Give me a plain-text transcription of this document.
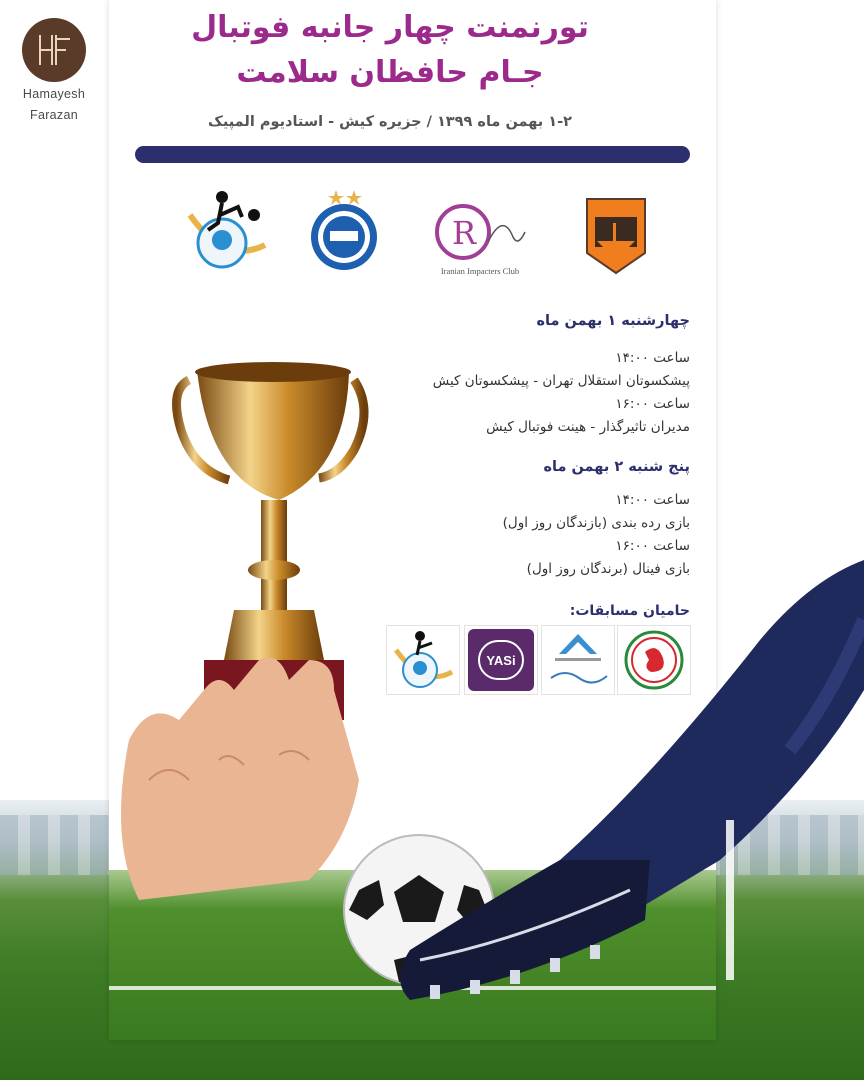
Hamayesh
Farazan
تورنمنت چهار جانبه فوتبال
جـام حافظان سلامت
۱-۲ بهمن ماه ۱۳۹۹ / جزیره کیش - استادیوم المپیک
R
Iranian Impacters Club
چهارشنبه ۱ بهمن ماه
ساعت ۱۴:۰۰
پیشکسوتان استقلال تهران - پیشکسوتان کیش
ساعت ۱۶:۰۰
مدیران تاثیرگذار - هینت فوتبال کیش
پنج شنبه ۲ بهمن ماه
ساعت ۱۴:۰۰
بازی رده بندی (بازندگان روز اول)
ساعت ۱۶:۰۰
بازی فینال (برندگان روز اول)
حامیان مسابقات:
YASi
